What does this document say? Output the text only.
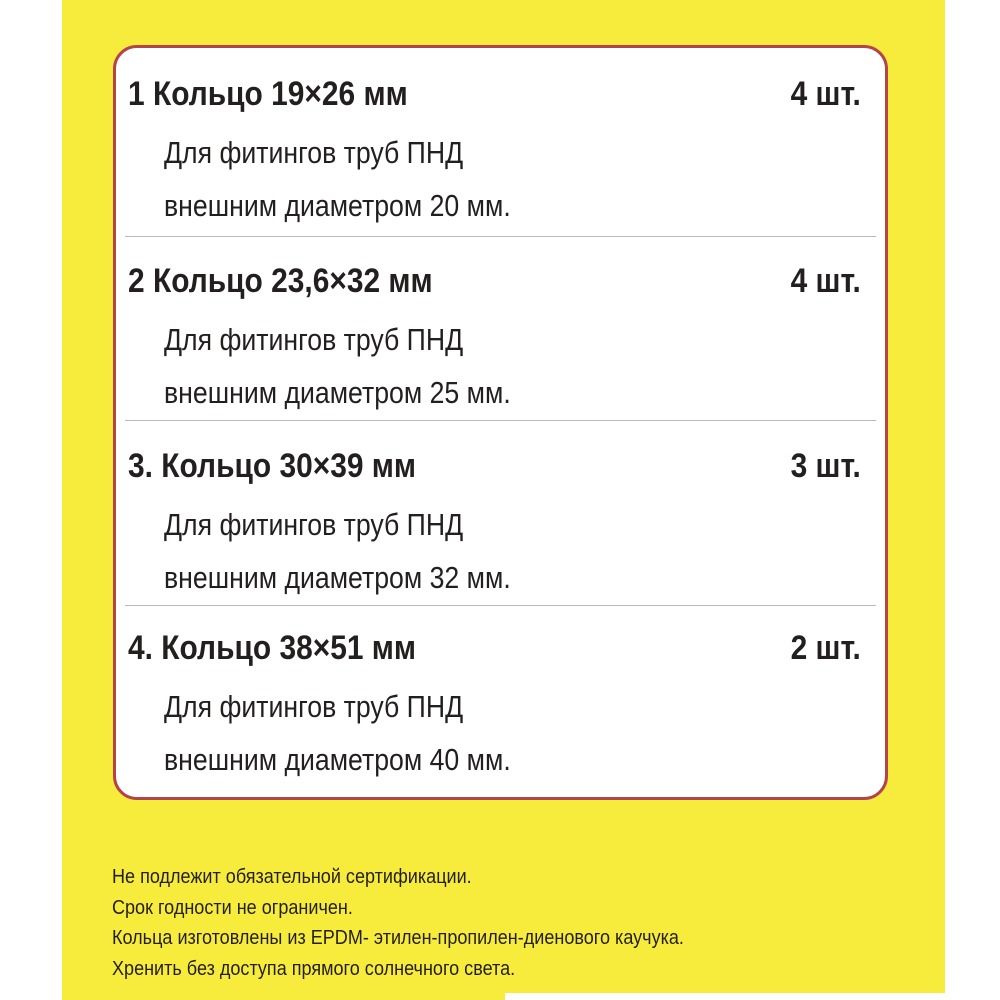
1 Кольцо 19×26 мм	4 шт.
Для фитингов труб ПНД
внешним диаметром 20 мм.
2 Кольцо 23,6×32 мм	4 шт.
Для фитингов труб ПНД
внешним диаметром 25 мм.
3. Кольцо 30×39 мм	3 шт.
Для фитингов труб ПНД
внешним диаметром 32 мм.
4. Кольцо 38×51 мм	2 шт.
Для фитингов труб ПНД
внешним диаметром 40 мм.
Не подлежит обязательной сертификации.
Срок годности не ограничен.
Кольца изготовлены из EPDM- этилен-пропилен-диенового каучука.
Хренить без доступа прямого солнечного света.
